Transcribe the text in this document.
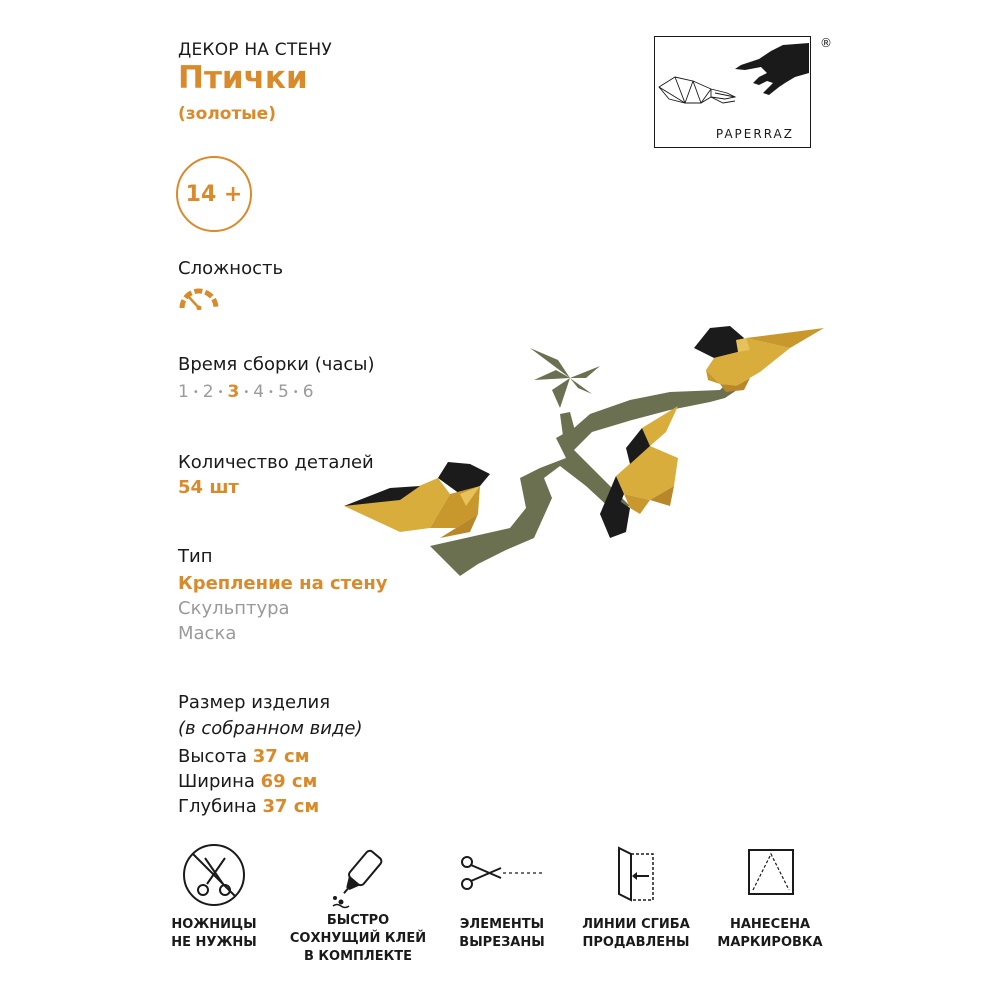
ДЕКОР НА СТЕНУ
Птички
(золотые)
PAPERRAZ
®
14 +
Сложность
Время сборки (часы)
1 • 2 • 3 • 4 • 5 • 6
Количество деталей
54 шт
Тип
Крепление на стену
Скульптура
Маска
Размер изделия
(в собранном виде)
Высота 37 см
Ширина 69 см
Глубина 37 см
НОЖНИЦЫ
НЕ НУЖНЫ
БЫСТРО
СОХНУЩИЙ КЛЕЙ
В КОМПЛЕКТЕ
ЭЛЕМЕНТЫ
ВЫРЕЗАНЫ
ЛИНИИ СГИБА
ПРОДАВЛЕНЫ
НАНЕСЕНА
МАРКИРОВКА
